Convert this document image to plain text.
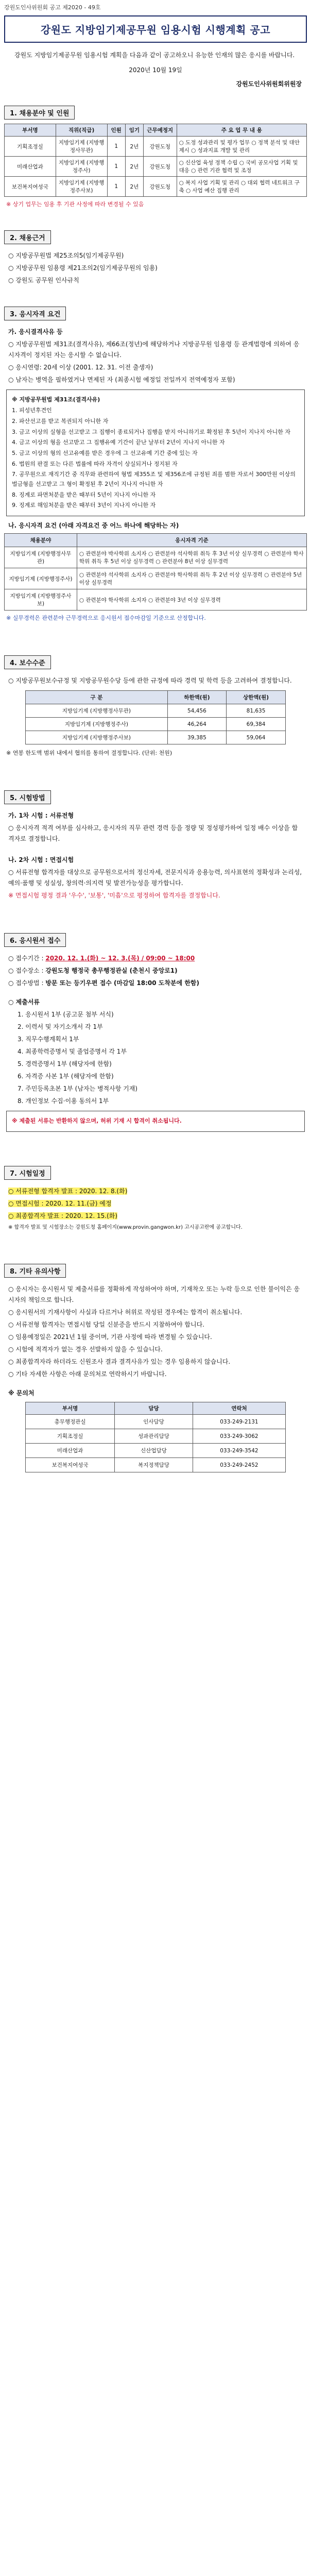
강원도인사위원회 공고 제2020 - 49호
강원도 지방임기제공무원 임용시험 시행계획 공고
강원도 지방임기제공무원 임용시험 계획을 다음과 같이 공고하오니 유능한 인재의 많은 응시를 바랍니다.
2020년 10월 19일
강원도인사위원회위원장
1. 채용분야 및 인원
부서명	직위(직급)	인원	임기	근무예정지	주 요 업 무 내 용
기획조정실	지방임기제 (지방행정사무관)	1	2년	강원도청	○ 도정 성과관리 및 평가 업무 ○ 정책 분석 및 대안 제시 ○ 성과지표 개발 및 관리
미래산업과	지방임기제 (지방행정주사)	1	2년	강원도청	○ 신산업 육성 정책 수립 ○ 국비 공모사업 기획 및 대응 ○ 관련 기관 협력 및 조정
보건복지여성국	지방임기제 (지방행정주사보)	1	2년	강원도청	○ 복지 사업 기획 및 관리 ○ 대외 협력 네트워크 구축 ○ 사업 예산 집행 관리
※ 상기 업무는 임용 후 기관 사정에 따라 변경될 수 있음
2. 채용근거

○ 지방공무원법 제25조의5(임기제공무원)

○ 지방공무원 임용령 제21조의2(임기제공무원의 임용)

○ 강원도 공무원 인사규칙

3. 응시자격 요건

가. 응시결격사유 등

○ 지방공무원법 제31조(결격사유), 제66조(정년)에 해당하거나 지방공무원 임용령 등 관계법령에 의하여 응시자격이 정지된 자는 응시할 수 없습니다.

○ 응시연령: 20세 이상 (2001. 12. 31. 이전 출생자)

○ 남자는 병역을 필하였거나 면제된 자 (최종시험 예정일 전일까지 전역예정자 포함)

※ 지방공무원법 제31조(결격사유)

1. 피성년후견인

2. 파산선고를 받고 복권되지 아니한 자

3. 금고 이상의 실형을 선고받고 그 집행이 종료되거나 집행을 받지 아니하기로 확정된 후 5년이 지나지 아니한 자

4. 금고 이상의 형을 선고받고 그 집행유예 기간이 끝난 날부터 2년이 지나지 아니한 자

5. 금고 이상의 형의 선고유예를 받은 경우에 그 선고유예 기간 중에 있는 자

6. 법원의 판결 또는 다른 법률에 따라 자격이 상실되거나 정지된 자

7. 공무원으로 재직기간 중 직무와 관련하여 형법 제355조 및 제356조에 규정된 죄를 범한 자로서 300만원 이상의 벌금형을 선고받고 그 형이 확정된 후 2년이 지나지 아니한 자

8. 징계로 파면처분을 받은 때부터 5년이 지나지 아니한 자

9. 징계로 해임처분을 받은 때부터 3년이 지나지 아니한 자

나. 응시자격 요건 (아래 자격요건 중 어느 하나에 해당하는 자)

채용분야	응시자격 기준
지방임기제 (지방행정사무관)	○ 관련분야 박사학위 소지자 ○ 관련분야 석사학위 취득 후 3년 이상 실무경력 ○ 관련분야 학사학위 취득 후 5년 이상 실무경력 ○ 관련분야 8년 이상 실무경력
지방임기제 (지방행정주사)	○ 관련분야 석사학위 소지자 ○ 관련분야 학사학위 취득 후 2년 이상 실무경력 ○ 관련분야 5년 이상 실무경력
지방임기제 (지방행정주사보)	○ 관련분야 학사학위 소지자 ○ 관련분야 3년 이상 실무경력
※ 실무경력은 관련분야 근무경력으로 응시원서 접수마감일 기준으로 산정합니다.
4. 보수수준
○ 지방공무원보수규정 및 지방공무원수당 등에 관한 규정에 따라 경력 및 학력 등을 고려하여 결정합니다.
구 분	하한액(원)	상한액(원)
지방임기제 (지방행정사무관)	54,456	81,635
지방임기제 (지방행정주사)	46,264	69,384
지방임기제 (지방행정주사보)	39,385	59,064
※ 연봉 한도액 범위 내에서 협의를 통하여 결정합니다. (단위: 천원)
5. 시험방법

가. 1차 시험 : 서류전형

○ 응시자격 적격 여부를 심사하고, 응시자의 직무 관련 경력 등을 정량 및 정성평가하여 일정 배수 이상을 합격자로 결정합니다.

나. 2차 시험 : 면접시험

○ 서류전형 합격자를 대상으로 공무원으로서의 정신자세, 전문지식과 응용능력, 의사표현의 정확성과 논리성, 예의·품행 및 성실성, 창의력·의지력 및 발전가능성을 평가합니다.

※ 면접시험 평정 결과 '우수', '보통', '미흡'으로 평정하여 합격자를 결정합니다.

6. 응시원서 접수

○ 접수기간 : 2020. 12. 1.(화) ~ 12. 3.(목) / 09:00 ~ 18:00

○ 접수장소 : 강원도청 행정국 총무행정관실 (춘천시 중앙로1)

○ 접수방법 : 방문 또는 등기우편 접수 (마감일 18:00 도착분에 한함)

○ 제출서류

1. 응시원서 1부 (공고문 첨부 서식)

2. 이력서 및 자기소개서 각 1부

3. 직무수행계획서 1부

4. 최종학력증명서 및 졸업증명서 각 1부

5. 경력증명서 1부 (해당자에 한함)

6. 자격증 사본 1부 (해당자에 한함)

7. 주민등록초본 1부 (남자는 병적사항 기재)

8. 개인정보 수집·이용 동의서 1부

※ 제출된 서류는 반환하지 않으며, 허위 기재 시 합격이 취소됩니다.

7. 시험일정

○ 서류전형 합격자 발표 : 2020. 12. 8.(화)

○ 면접시험 : 2020. 12. 11.(금) 예정

○ 최종합격자 발표 : 2020. 12. 15.(화)

※ 합격자 발표 및 시험장소는 강원도청 홈페이지(www.provin.gangwon.kr) 고시공고란에 공고합니다.

8. 기타 유의사항

○ 응시자는 응시원서 및 제출서류를 정확하게 작성하여야 하며, 기재착오 또는 누락 등으로 인한 불이익은 응시자의 책임으로 합니다.

○ 응시원서의 기재사항이 사실과 다르거나 허위로 작성된 경우에는 합격이 취소됩니다.

○ 서류전형 합격자는 면접시험 당일 신분증을 반드시 지참하여야 합니다.

○ 임용예정일은 2021년 1월 중이며, 기관 사정에 따라 변경될 수 있습니다.

○ 시험에 적격자가 없는 경우 선발하지 않을 수 있습니다.

○ 최종합격자라 하더라도 신원조사 결과 결격사유가 있는 경우 임용하지 않습니다.

○ 기타 자세한 사항은 아래 문의처로 연락하시기 바랍니다.

※ 문의처

부서명	담당	연락처
총무행정관실	인사담당	033-249-2131
기획조정실	성과관리담당	033-249-3062
미래산업과	신산업담당	033-249-3542
보건복지여성국	복지정책담당	033-249-2452
